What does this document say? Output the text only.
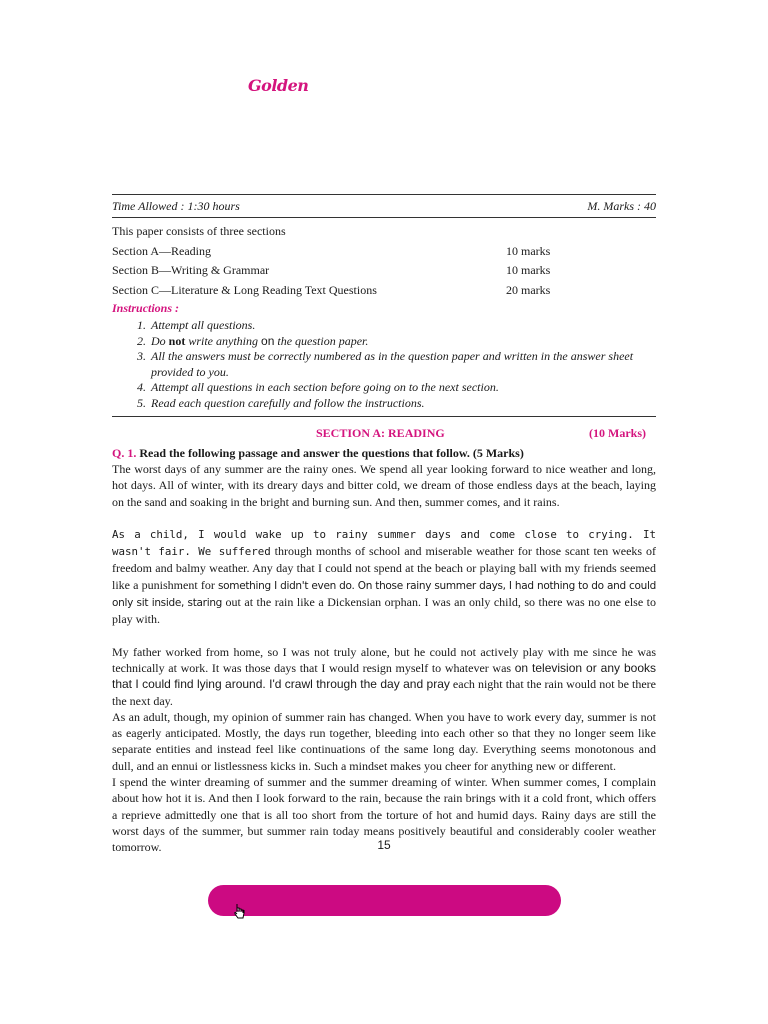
Golden
Time Allowed : 1:30 hours	M. Marks : 40
This paper consists of three sections
Section A—Reading	10 marks
Section B—Writing & Grammar	10 marks
Section C—Literature & Long Reading Text Questions	20 marks
Instructions :
1. Attempt all questions.
2. Do not write anything on the question paper.
3. All the answers must be correctly numbered as in the question paper and written in the answer sheet provided to you.
4. Attempt all questions in each section before going on to the next section.
5. Read each question carefully and follow the instructions.
SECTION A: READING	(10 Marks)
Q. 1. Read the following passage and answer the questions that follow. (5 Marks)

The worst days of any summer are the rainy ones. We spend all year looking forward to nice weather and long, hot days. All of winter, with its dreary days and bitter cold, we dream of those endless days at the beach, laying on the sand and soaking in the bright and burning sun. And then, summer comes, and it rains.

As a child, I would wake up to rainy summer days and come close to crying. It wasn't fair. We suffered through months of school and miserable weather for those scant ten weeks of freedom and balmy weather. Any day that I could not spend at the beach or playing ball with my friends seemed like a punishment for something I didn't even do. On those rainy summer days, I had nothing to do and could only sit inside, staring out at the rain like a Dickensian orphan. I was an only child, so there was no one else to play with.

My father worked from home, so I was not truly alone, but he could not actively play with me since he was technically at work. It was those days that I would resign myself to whatever was on television or any books that I could find lying around. I'd crawl through the day and pray each night that the rain would not be there the next day.

As an adult, though, my opinion of summer rain has changed. When you have to work every day, summer is not as eagerly anticipated. Mostly, the days run together, bleeding into each other so that they no longer seem like separate entities and instead feel like continuations of the same long day. Everything seems monotonous and dull, and an ennui or listlessness kicks in. Such a mindset makes you cheer for anything new or different.

I spend the winter dreaming of summer and the summer dreaming of winter. When summer comes, I complain about how hot it is. And then I look forward to the rain, because the rain brings with it a cold front, which offers a reprieve admittedly one that is all too short from the torture of hot and humid days. Rainy days are still the worst days of the summer, but summer rain today means positively beautiful and considerably cooler weather tomorrow.	15
